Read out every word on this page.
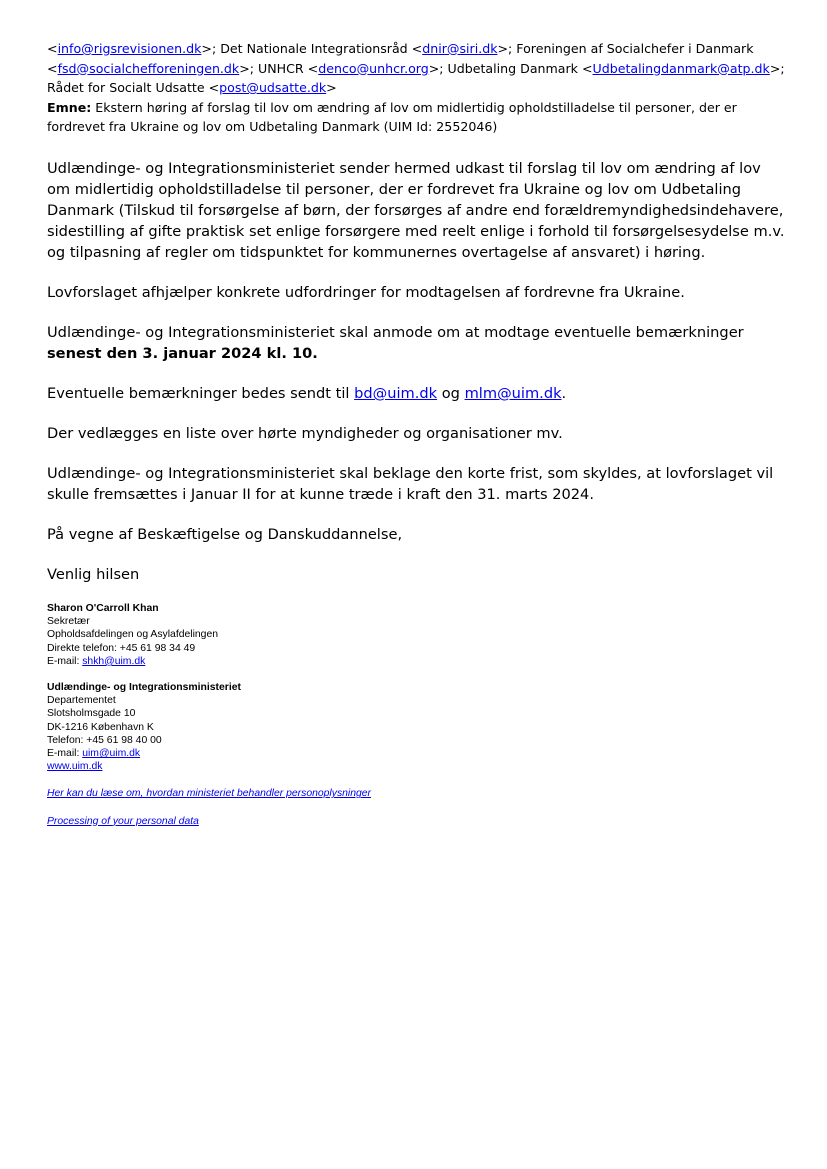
<info@rigsrevisionen.dk>; Det Nationale Integrationsråd <dnir@siri.dk>; Foreningen af Socialchefer i Danmark
<fsd@socialchefforeningen.dk>; UNHCR <denco@unhcr.org>; Udbetaling Danmark <Udbetalingdanmark@atp.dk>;
Rådet for Socialt Udsatte <post@udsatte.dk>
Emne: Ekstern høring af forslag til lov om ændring af lov om midlertidig opholdstilladelse til personer, der er fordrevet fra Ukraine og lov om Udbetaling Danmark (UIM Id: 2552046)
Udlændinge- og Integrationsministeriet sender hermed udkast til forslag til lov om ændring af lov om midlertidig opholdstilladelse til personer, der er fordrevet fra Ukraine og lov om Udbetaling Danmark (Tilskud til forsørgelse af børn, der forsørges af andre end forældremyndighedsindehavere, sidestilling af gifte praktisk set enlige forsørgere med reelt enlige i forhold til forsørgelsesydelse m.v. og tilpasning af regler om tidspunktet for kommunernes overtagelse af ansvaret) i høring.
Lovforslaget afhjælper konkrete udfordringer for modtagelsen af fordrevne fra Ukraine.
Udlændinge- og Integrationsministeriet skal anmode om at modtage eventuelle bemærkninger senest den 3. januar 2024 kl. 10.
Eventuelle bemærkninger bedes sendt til bd@uim.dk og mlm@uim.dk.
Der vedlægges en liste over hørte myndigheder og organisationer mv.
Udlændinge- og Integrationsministeriet skal beklage den korte frist, som skyldes, at lovforslaget vil skulle fremsættes i Januar II for at kunne træde i kraft den 31. marts 2024.
På vegne af Beskæftigelse og Danskuddannelse,
Venlig hilsen
Sharon O'Carroll Khan
Sekretær
Opholdsafdelingen og Asylafdelingen
Direkte telefon: +45 61 98 34 49
E-mail: shkh@uim.dk
Udlændinge- og Integrationsministeriet
Departementet
Slotsholmsgade 10
DK-1216 København K
Telefon: +45 61 98 40 00
E-mail: uim@uim.dk
www.uim.dk
Her kan du læse om, hvordan ministeriet behandler personoplysninger
Processing of your personal data
